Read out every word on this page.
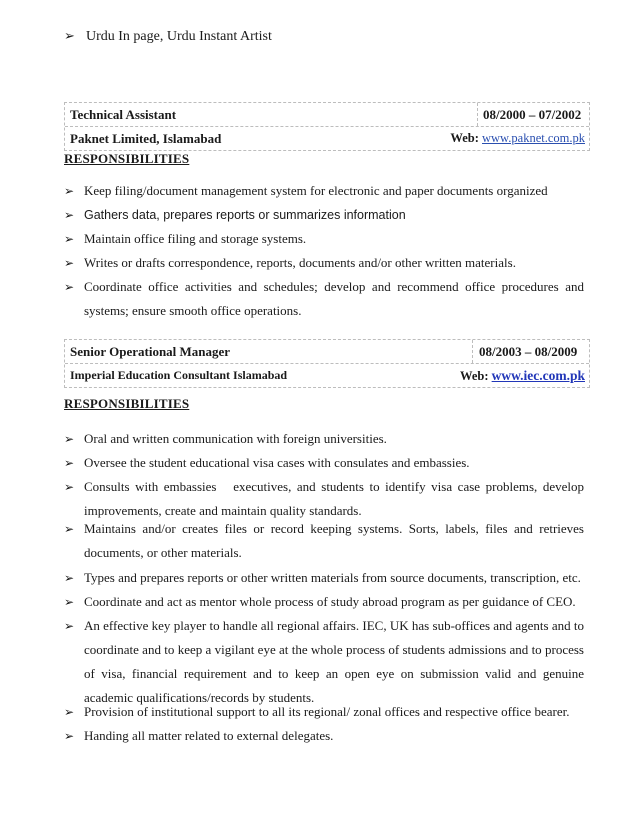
➢ Urdu In page, Urdu Instant Artist
Technical Assistant	08/2000 – 07/2002
Paknet Limited, Islamabad	Web: www.paknet.com.pk
RESPONSIBILITIES
➢ Keep filing/document management system for electronic and paper documents organized
➢ Gathers data, prepares reports or summarizes information
➢ Maintain office filing and storage systems.
➢ Writes or drafts correspondence, reports, documents and/or other written materials.
➢ Coordinate office activities and schedules; develop and recommend office procedures and systems; ensure smooth office operations.
Senior Operational Manager	08/2003 – 08/2009
Imperial Education Consultant Islamabad	Web: www.iec.com.pk
RESPONSIBILITIES
➢ Oral and written communication with foreign universities.
➢ Oversee the student educational visa cases with consulates and embassies.
➢ Consults with embassies   executives, and students to identify visa case problems, develop improvements, create and maintain quality standards.
➢ Maintains and/or creates files or record keeping systems. Sorts, labels, files and retrieves documents, or other materials.
➢ Types and prepares reports or other written materials from source documents, transcription, etc.
➢ Coordinate and act as mentor whole process of study abroad program as per guidance of CEO.
➢ An effective key player to handle all regional affairs. IEC, UK has sub-offices and agents and to coordinate and to keep a vigilant eye at the whole process of students admissions and to process of visa, financial requirement and to keep an open eye on submission valid and genuine academic qualifications/records by students.
➢ Provision of institutional support to all its regional/ zonal offices and respective office bearer.
➢ Handing all matter related to external delegates.
